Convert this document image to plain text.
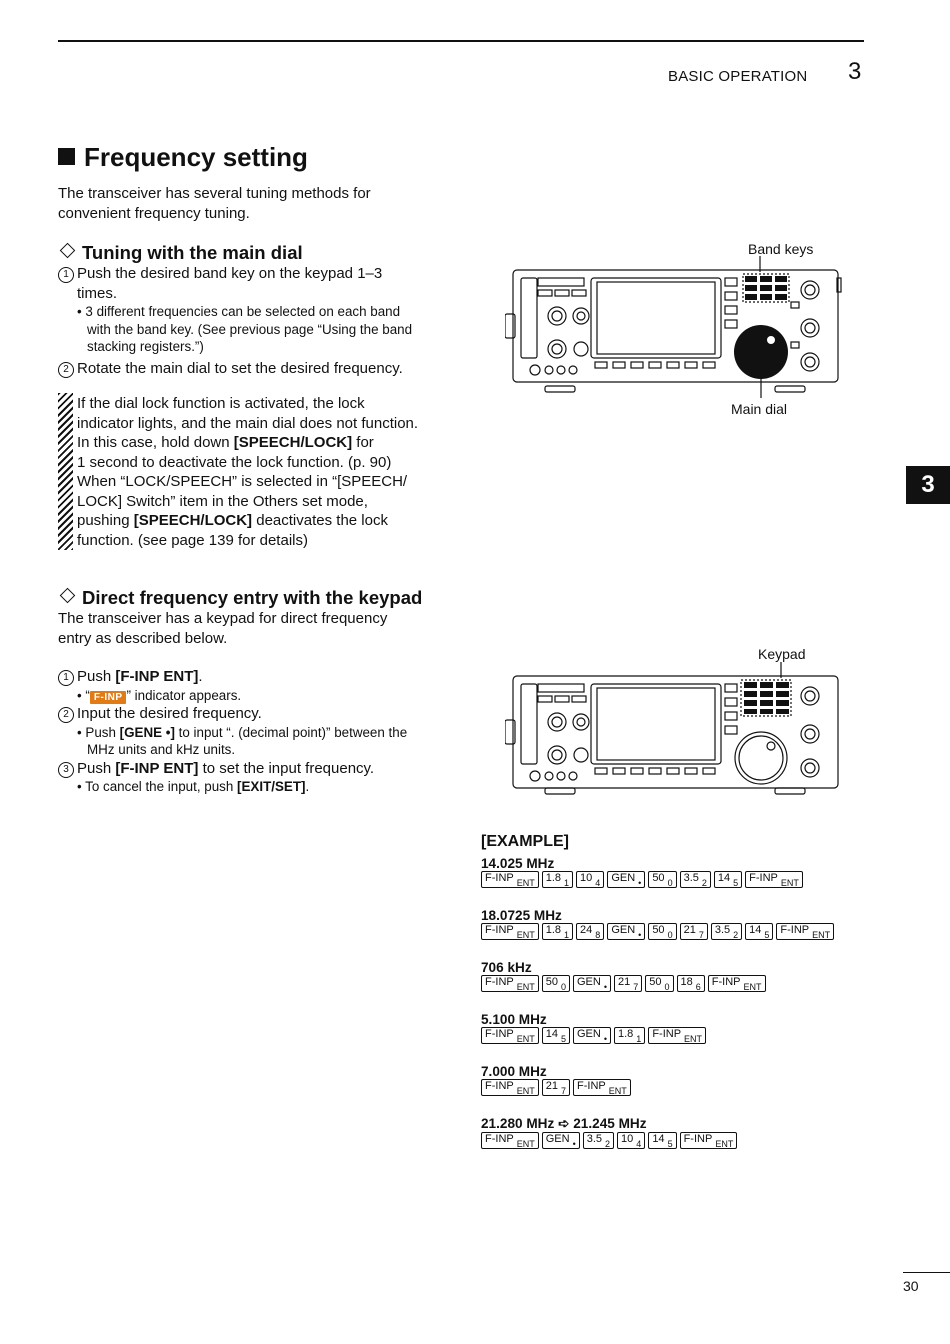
BASIC OPERATION 3
Frequency setting
The transceiver has several tuning methods for
convenient frequency tuning.
Tuning with the main dial
1 Push the desired band key on the keypad 1–3
times.
• 3 different frequencies can be selected on each band
with the band key. (See previous page “Using the band
stacking registers.”)
2 Rotate the main dial to set the desired frequency.
If the dial lock function is activated, the lock
indicator lights, and the main dial does not function.
In this case, hold down [SPEECH/LOCK] for
1 second to deactivate the lock function. (p. 90)
When “LOCK/SPEECH” is selected in “[SPEECH/
LOCK] Switch” item in the Others set mode,
pushing [SPEECH/LOCK] deactivates the lock
function. (see page 139 for details)
Direct frequency entry with the keypad
The transceiver has a keypad for direct frequency
entry as described below.
1 Push [F-INP ENT].
• “ F-INP ” indicator appears.
2 Input the desired frequency.
• Push [GENE •] to input “. (decimal point)” between the
MHz units and kHz units.
3 Push [F-INP ENT] to set the input frequency.
• To cancel the input, push [EXIT/SET].
Band keys
Main dial
Keypad
3
[EXAMPLE]
14.025 MHz
F-INP ENT 1.8 1 10 4 GEN • 50 0 3.5 2 14 5 F-INP ENT
18.0725 MHz
F-INP ENT 1.8 1 24 8 GEN • 50 0 21 7 3.5 2 14 5 F-INP ENT
706 kHz
F-INP ENT 50 0 GEN • 21 7 50 0 18 6 F-INP ENT
5.100 MHz
F-INP ENT 14 5 GEN • 1.8 1 F-INP ENT
7.000 MHz
F-INP ENT 21 7 F-INP ENT
21.280 MHz ➪ 21.245 MHz
F-INP ENT GEN • 3.5 2 10 4 14 5 F-INP ENT
30
